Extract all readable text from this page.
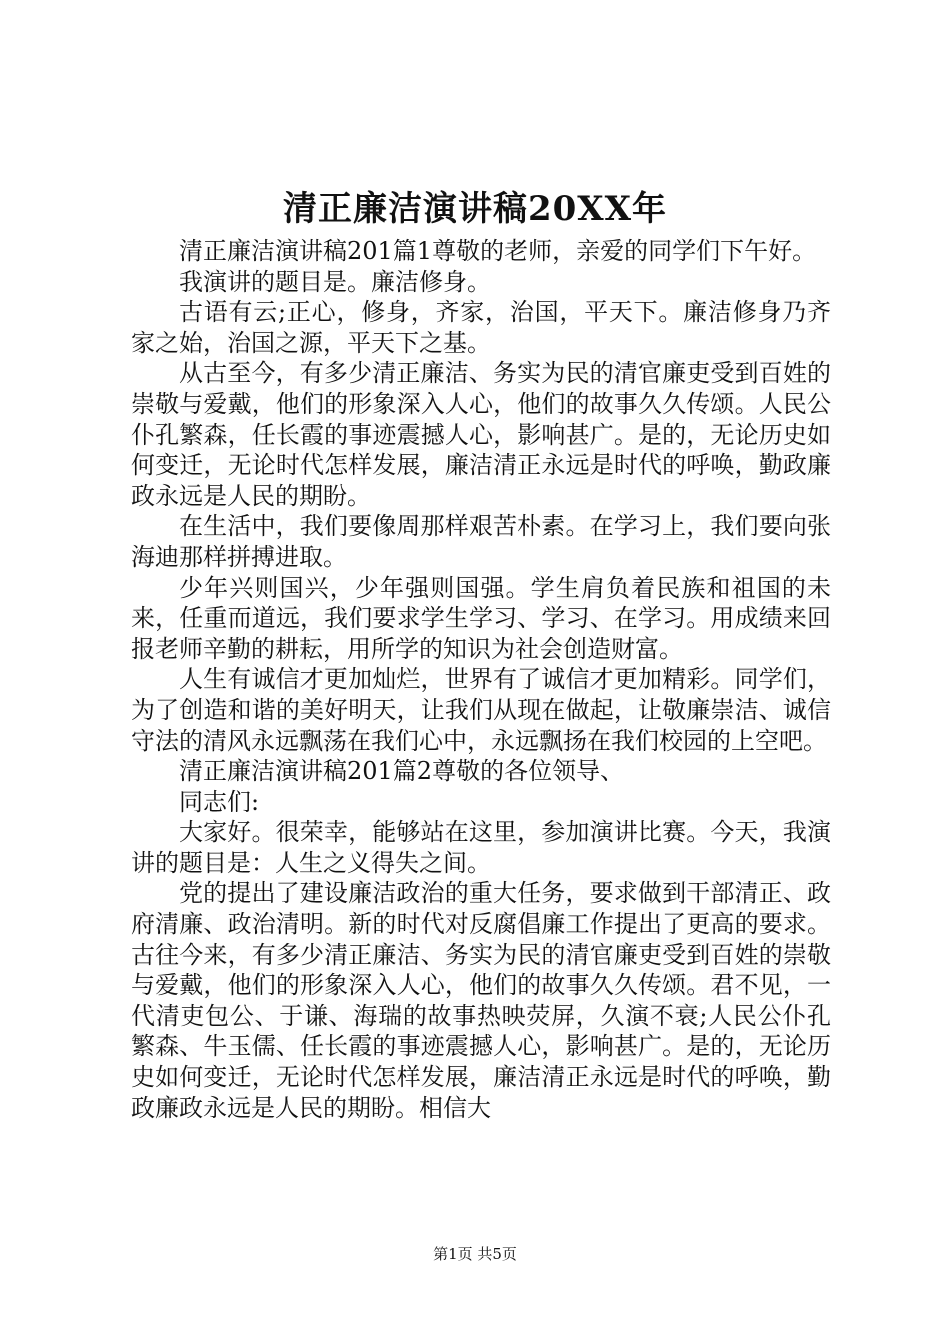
清正廉洁演讲稿20XX年

清正廉洁演讲稿201篇1尊敬的老师，亲爱的同学们下午好。

我演讲的题目是。廉洁修身。

古语有云;正心，修身，齐家，治国，平天下。廉洁修身乃齐家之始，治国之源，平天下之基。

从古至今，有多少清正廉洁、务实为民的清官廉吏受到百姓的崇敬与爱戴，他们的形象深入人心，他们的故事久久传颂。人民公仆孔繁森，任长霞的事迹震撼人心，影响甚广。是的，无论历史如何变迁，无论时代怎样发展，廉洁清正永远是时代的呼唤，勤政廉政永远是人民的期盼。

在生活中，我们要像周那样艰苦朴素。在学习上，我们要向张海迪那样拼搏进取。

少年兴则国兴，少年强则国强。学生肩负着民族和祖国的未来，任重而道远，我们要求学生学习、学习、在学习。用成绩来回报老师辛勤的耕耘，用所学的知识为社会创造财富。

人生有诚信才更加灿烂，世界有了诚信才更加精彩。同学们，为了创造和谐的美好明天，让我们从现在做起，让敬廉崇洁、诚信守法的清风永远飘荡在我们心中，永远飘扬在我们校园的上空吧。

清正廉洁演讲稿201篇2尊敬的各位领导、

同志们:

大家好。很荣幸，能够站在这里，参加演讲比赛。今天，我演讲的题目是：人生之义得失之间。

党的提出了建设廉洁政治的重大任务，要求做到干部清正、政府清廉、政治清明。新的时代对反腐倡廉工作提出了更高的要求。古往今来，有多少清正廉洁、务实为民的清官廉吏受到百姓的崇敬与爱戴，他们的形象深入人心，他们的故事久久传颂。君不见，一代清吏包公、于谦、海瑞的故事热映荧屏，久演不衰;人民公仆孔繁森、牛玉儒、任长霞的事迹震撼人心，影响甚广。是的，无论历史如何变迁，无论时代怎样发展，廉洁清正永远是时代的呼唤，勤政廉政永远是人民的期盼。相信大

第1页 共5页
